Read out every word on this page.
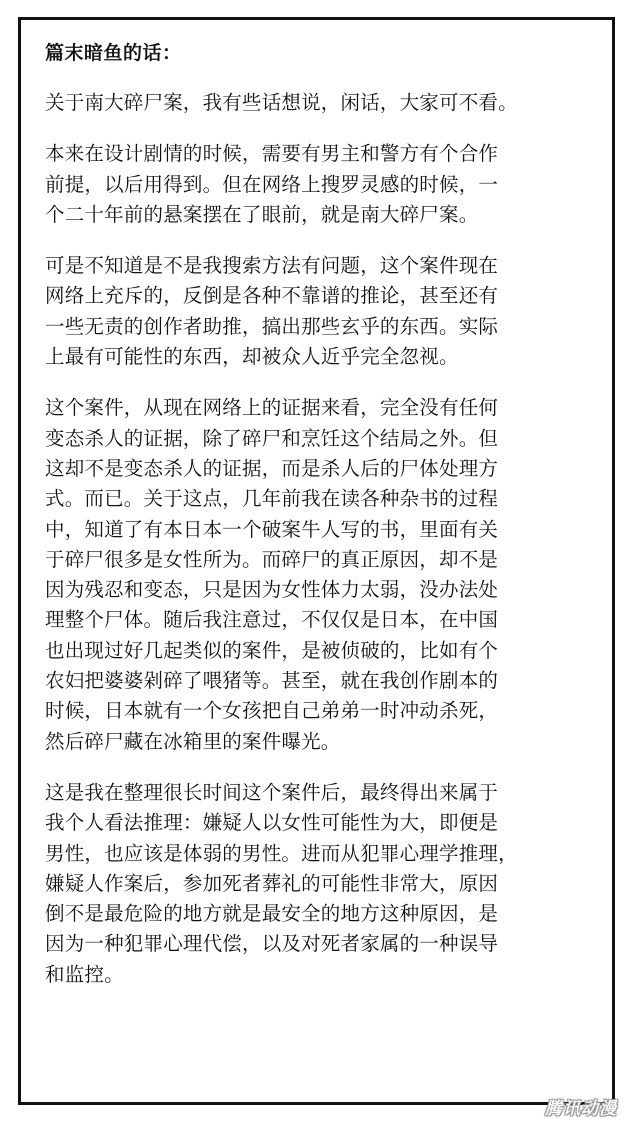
篇末暗鱼的话：
关于南大碎尸案，我有些话想说，闲话，大家可不看。
本来在设计剧情的时候，需要有男主和警方有个合作
前提，以后用得到。但在网络上搜罗灵感的时候，一
个二十年前的悬案摆在了眼前，就是南大碎尸案。
可是不知道是不是我搜索方法有问题，这个案件现在
网络上充斥的，反倒是各种不靠谱的推论，甚至还有
一些无责的创作者助推，搞出那些玄乎的东西。实际
上最有可能性的东西，却被众人近乎完全忽视。
这个案件，从现在网络上的证据来看，完全没有任何
变态杀人的证据，除了碎尸和烹饪这个结局之外。但
这却不是变态杀人的证据，而是杀人后的尸体处理方
式。而已。关于这点，几年前我在读各种杂书的过程
中，知道了有本日本一个破案牛人写的书，里面有关
于碎尸很多是女性所为。而碎尸的真正原因，却不是
因为残忍和变态，只是因为女性体力太弱，没办法处
理整个尸体。随后我注意过，不仅仅是日本，在中国
也出现过好几起类似的案件，是被侦破的，比如有个
农妇把婆婆剁碎了喂猪等。甚至，就在我创作剧本的
时候，日本就有一个女孩把自己弟弟一时冲动杀死，
然后碎尸藏在冰箱里的案件曝光。
这是我在整理很长时间这个案件后，最终得出来属于
我个人看法推理：嫌疑人以女性可能性为大，即便是
男性，也应该是体弱的男性。进而从犯罪心理学推理，
嫌疑人作案后，参加死者葬礼的可能性非常大，原因
倒不是最危险的地方就是最安全的地方这种原因，是
因为一种犯罪心理代偿，以及对死者家属的一种误导
和监控。
腾讯动漫
